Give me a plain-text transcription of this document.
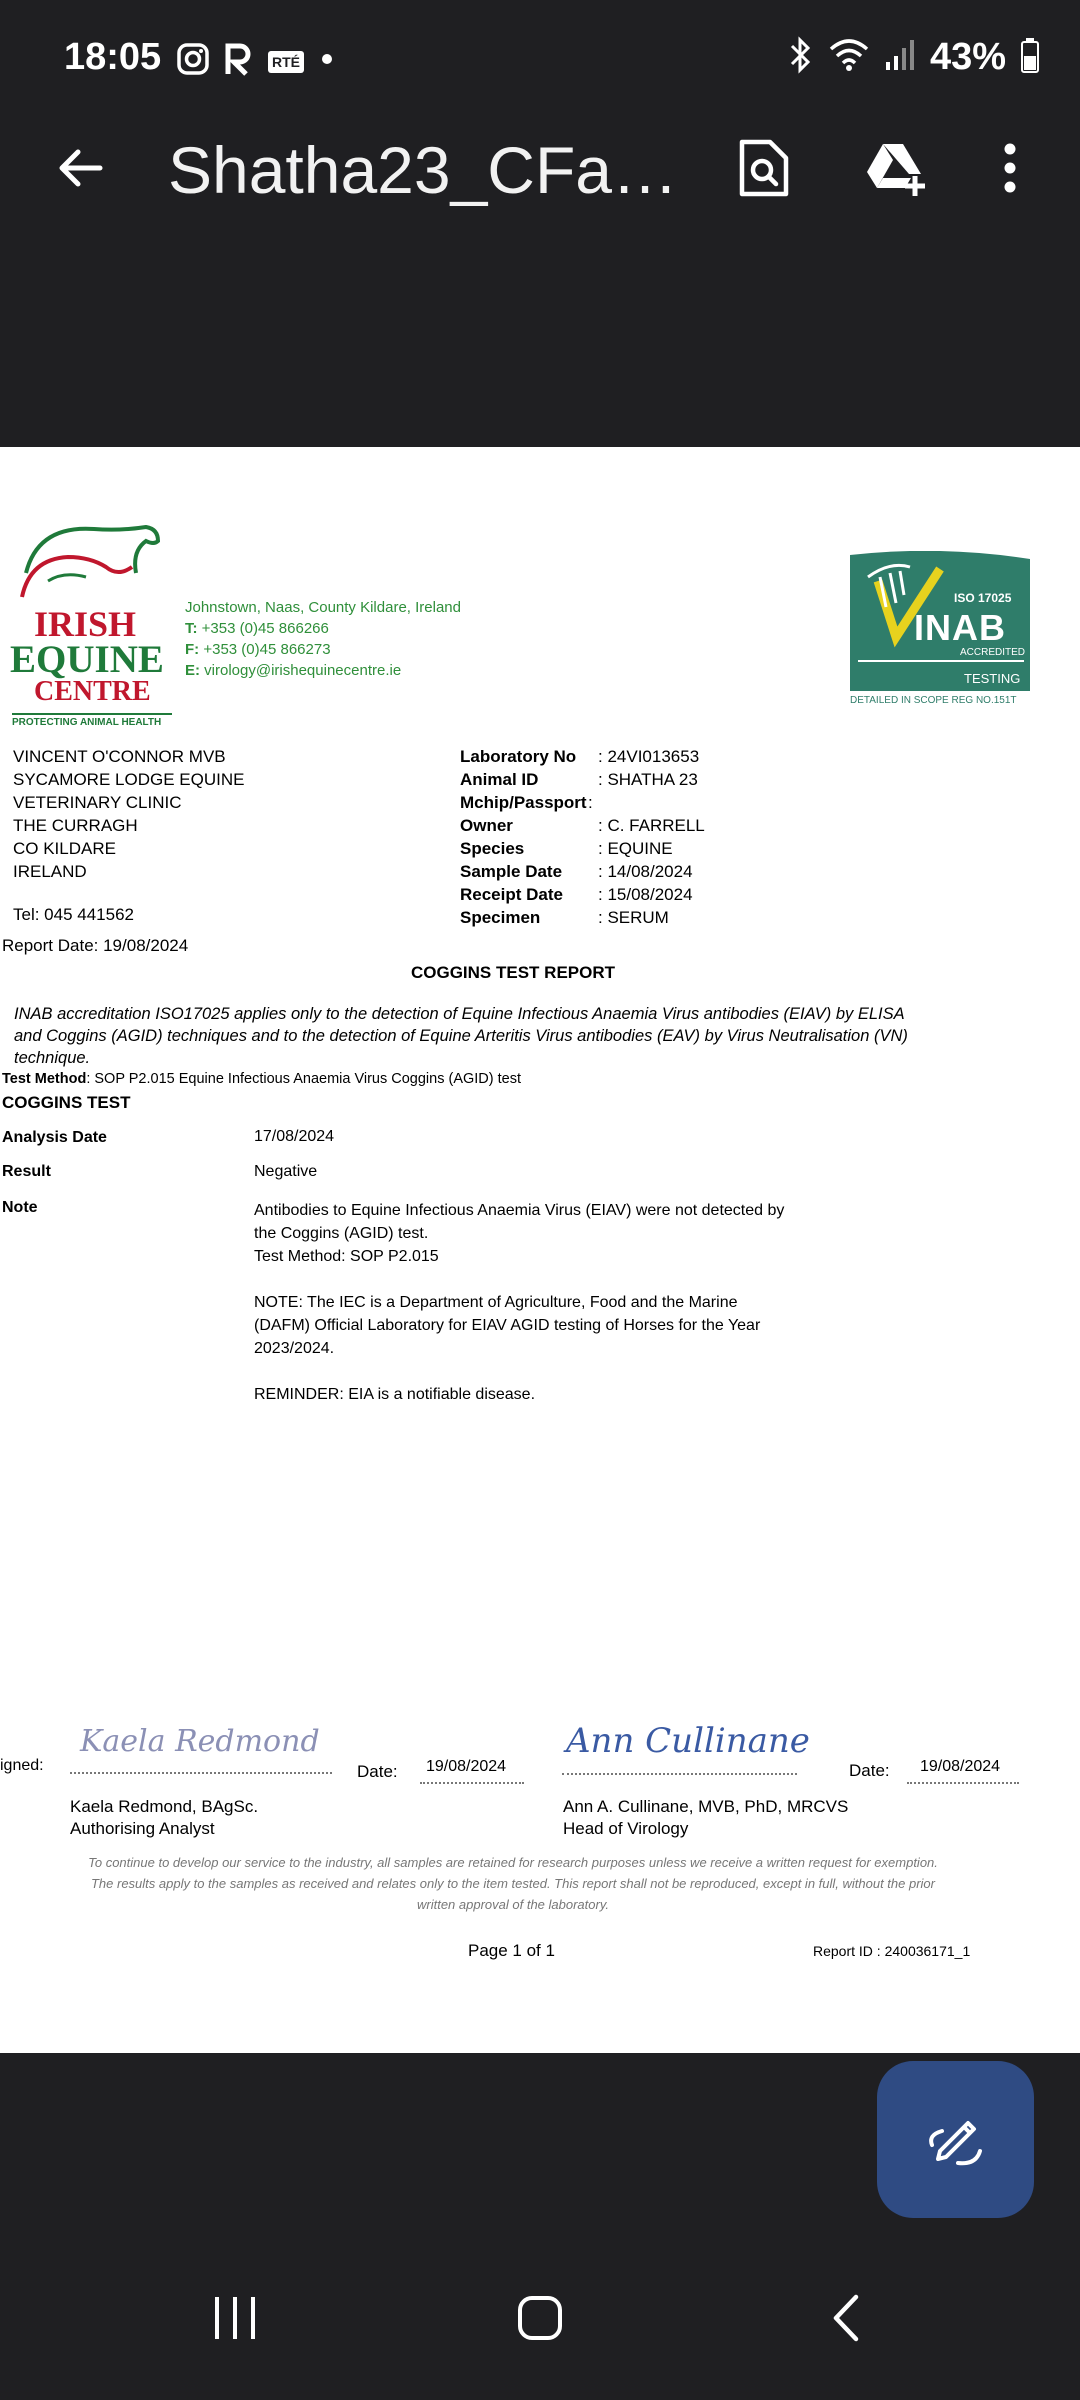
18:05	RTÉ	43%
Shatha23_CFa…
IRISH
EQUINE
CENTRE
PROTECTING ANIMAL HEALTH
Johnstown, Naas, County Kildare, Ireland
T: +353 (0)45 866266
F: +353 (0)45 866273
E: virology@irishequinecentre.ie
ISO 17025
INAB
ACCREDITED
TESTING
DETAILED IN SCOPE REG NO.151T
VINCENT O'CONNOR MVB
SYCAMORE LODGE EQUINE
VETERINARY CLINIC
THE CURRAGH
CO KILDARE
IRELAND
Tel: 045 441562
Report Date: 19/08/2024
Laboratory No	: 24VI013653
Animal ID	: SHATHA 23
Mchip/Passport :
Owner	: C. FARRELL
Species	: EQUINE
Sample Date	: 14/08/2024
Receipt Date	: 15/08/2024
Specimen	: SERUM
COGGINS TEST REPORT
INAB accreditation ISO17025 applies only to the detection of Equine Infectious Anaemia Virus antibodies (EIAV) by ELISA
and Coggins (AGID) techniques and to the detection of Equine Arteritis Virus antibodies (EAV) by Virus Neutralisation (VN)
technique.
Test Method: SOP P2.015 Equine Infectious Anaemia Virus Coggins (AGID) test
COGGINS TEST
Analysis Date	17/08/2024
Result	Negative
Note	Antibodies to Equine Infectious Anaemia Virus (EIAV) were not detected by
the Coggins (AGID) test.
Test Method: SOP P2.015
NOTE: The IEC is a Department of Agriculture, Food and the Marine
(DAFM) Official Laboratory for EIAV AGID testing of Horses for the Year
2023/2024.
REMINDER: EIA is a notifiable disease.
igned:
Kaela Redmond
Date: 19/08/2024
Kaela Redmond, BAgSc.
Authorising Analyst
Ann Cullinane
Date: 19/08/2024
Ann A. Cullinane, MVB, PhD, MRCVS
Head of Virology
To continue to develop our service to the industry, all samples are retained for research purposes unless we receive a written request for exemption.
The results apply to the samples as received and relates only to the item tested. This report shall not be reproduced, except in full, without the prior
written approval of the laboratory.
Page 1 of 1	Report ID : 240036171_1
